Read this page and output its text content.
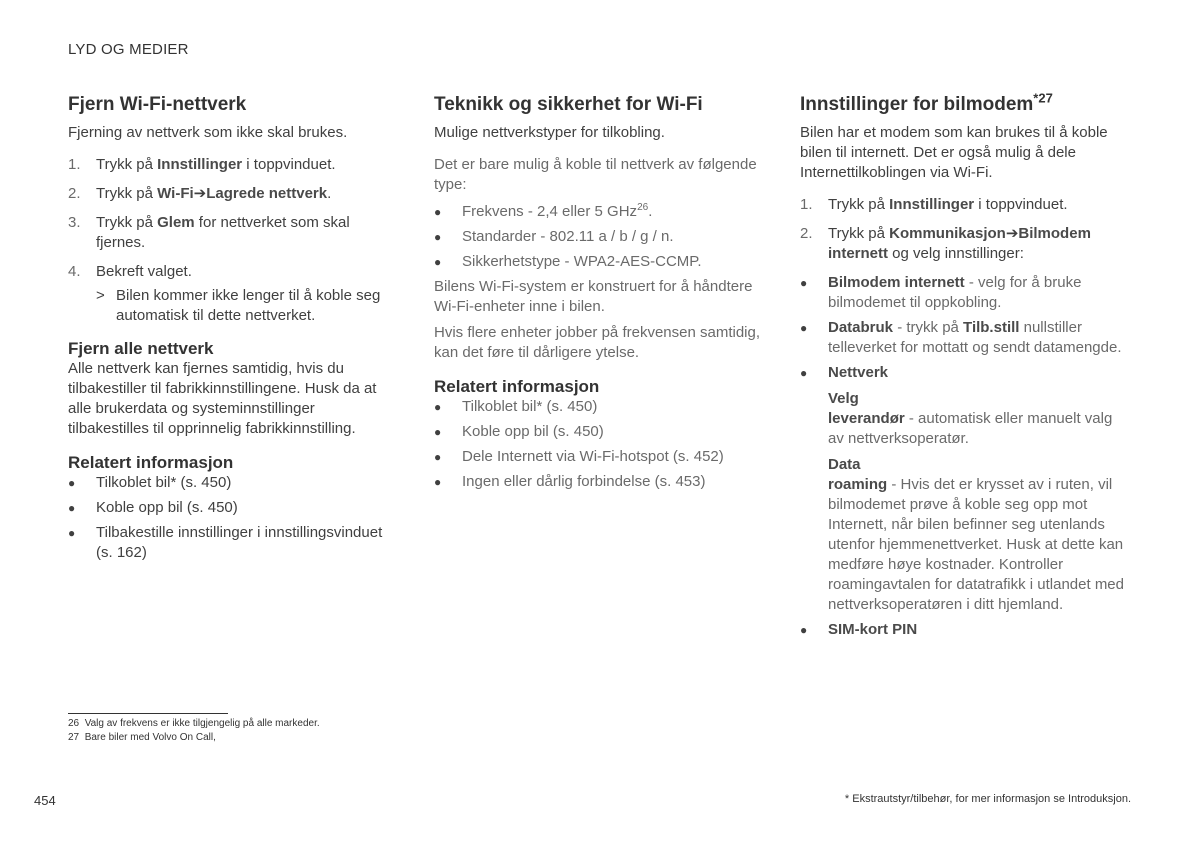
LYD OG MEDIER
Fjern Wi-Fi-nettverk

Fjerning av nettverk som ikke skal brukes.

1.	Trykk på Innstillinger i toppvinduet.
2.	Trykk på Wi-Fi➔Lagrede nettverk.
3.	Trykk på Glem for nettverket som skal fjernes.
4.	Bekreft valget.
> Bilen kommer ikke lenger til å koble seg automatisk til dette nettverket.
Fjern alle nettverk

Alle nettverk kan fjernes samtidig, hvis du tilbakestiller til fabrikkinnstillingene. Husk da at alle brukerdata og systeminnstillinger tilbakestilles til opprinnelig fabrikkinnstilling.

Relatert informasjon
●	Tilkoblet bil* (s. 450)
●	Koble opp bil (s. 450)
●	Tilbakestille innstillinger i innstillingsvinduet (s. 162)
Teknikk og sikkerhet for Wi-Fi

Mulige nettverkstyper for tilkobling.

Det er bare mulig å koble til nettverk av følgende type:

●	Frekvens - 2,4 eller 5 GHz$^{26}$.
●	Standarder - 802.11 a / b / g / n.
●	Sikkerhetstype - WPA2-AES-CCMP.

Bilens Wi-Fi-system er konstruert for å håndtere Wi-Fi-enheter inne i bilen.

Hvis flere enheter jobber på frekvensen samtidig, kan det føre til dårligere ytelse.

Relatert informasjon
●	Tilkoblet bil* (s. 450)
●	Koble opp bil (s. 450)
●	Dele Internett via Wi-Fi-hotspot (s. 452)
●	Ingen eller dårlig forbindelse (s. 453)
Innstillinger for bilmodem$^{*27}$

Bilen har et modem som kan brukes til å koble bilen til internett. Det er også mulig å dele Internettilkoblingen via Wi-Fi.

1.	Trykk på Innstillinger i toppvinduet.
2.	Trykk på Kommunikasjon➔Bilmodem internett og velg innstillinger:
●	Bilmodem internett - velg for å bruke bilmodemet til oppkobling.
●	Databruk - trykk på Tilb.still nullstiller telleverket for mottatt og sendt datamengde.
●	Nettverk
Velg
leverandør - automatisk eller manuelt valg av nettverksoperatør.
Data
roaming - Hvis det er krysset av i ruten, vil bilmodemet prøve å koble seg opp mot Internett, når bilen befinner seg utenlands utenfor hjemmenettverket. Husk at dette kan medføre høye kostnader. Kontroller roamingavtalen for datatrafikk i utlandet med nettverksoperatøren i ditt hjemland.
●	SIM-kort PIN
26 Valg av frekvens er ikke tilgjengelig på alle markeder.
27 Bare biler med Volvo On Call,
454	* Ekstrautstyr/tilbehør, for mer informasjon se Introduksjon.
